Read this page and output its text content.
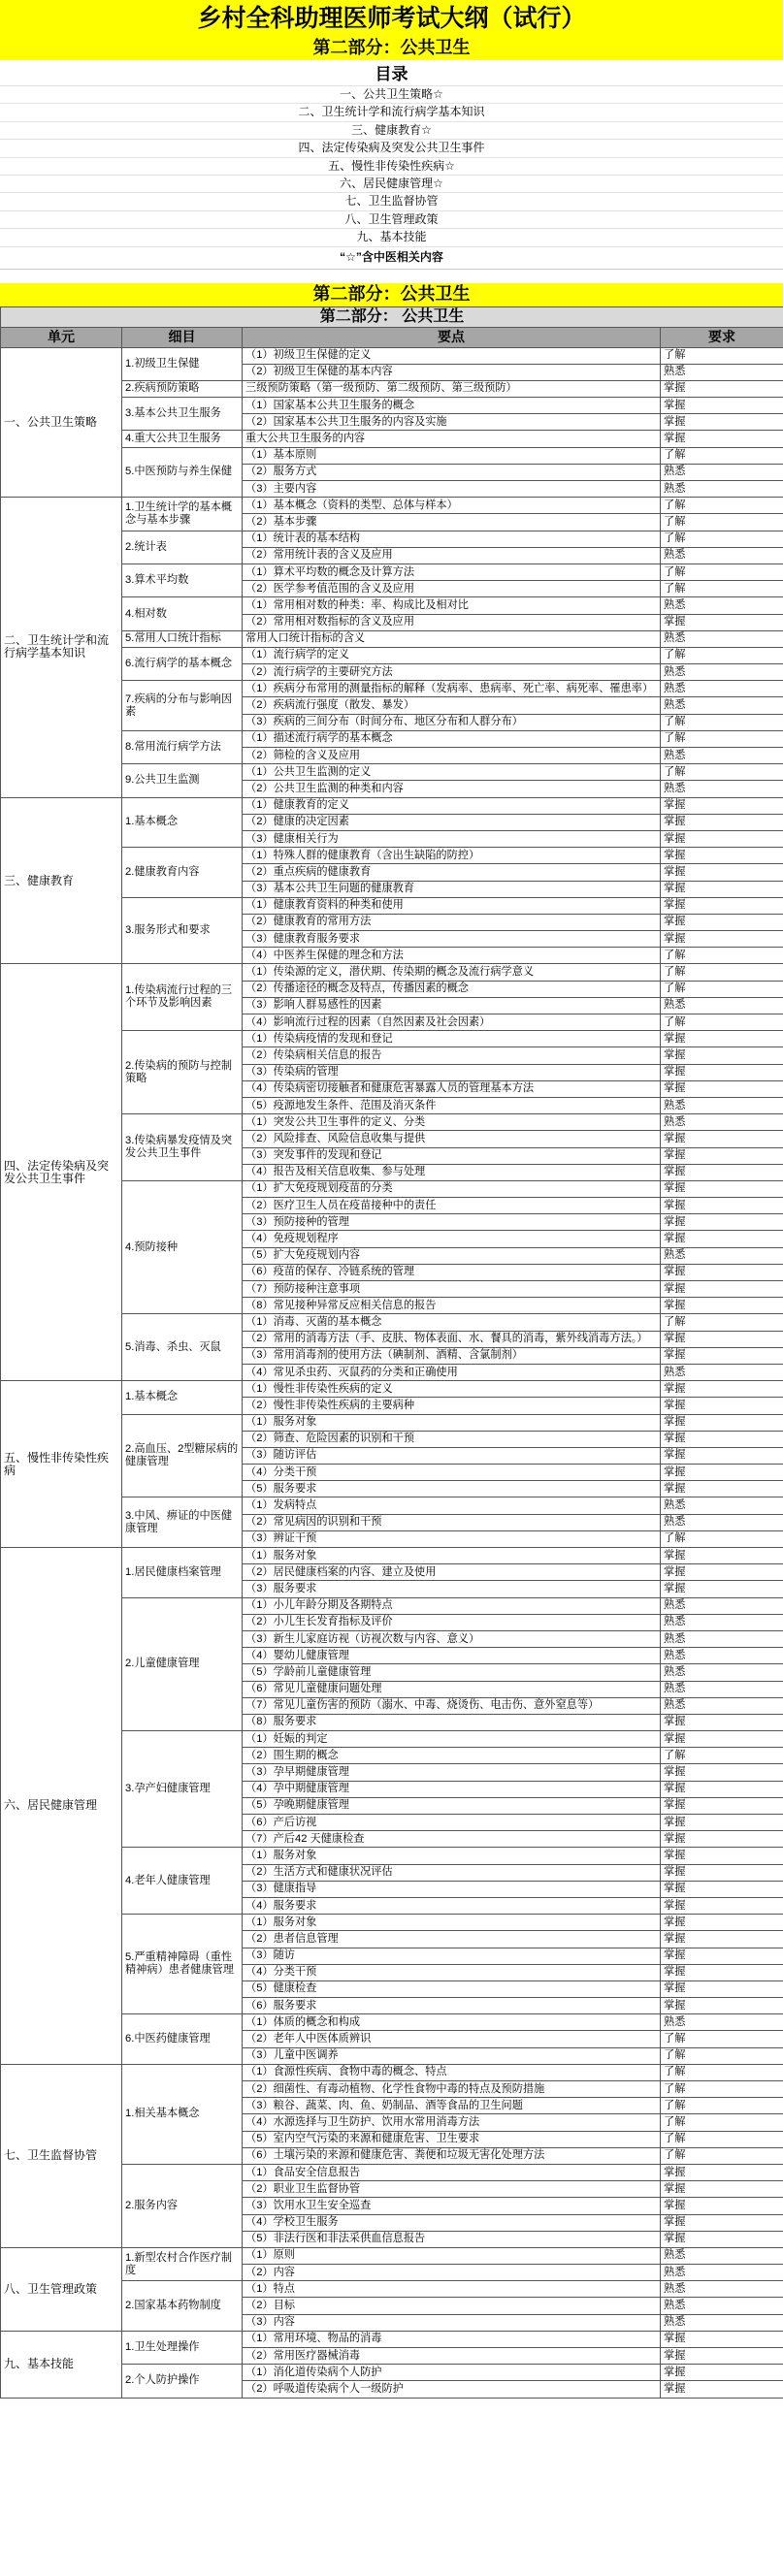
乡村全科助理医师考试大纲（试行）
第二部分：公共卫生
目录
一、公共卫生策略☆
二、卫生统计学和流行病学基本知识
三、健康教育☆
四、法定传染病及突发公共卫生事件
五、慢性非传染性疾病☆
六、居民健康管理☆
七、卫生监督协管
八、卫生管理政策
九、基本技能
“☆”含中医相关内容
第二部分：公共卫生
第二部分： 公共卫生			
单元	细目	要点	要求
一、公共卫生策略	1.初级卫生保健	（1）初级卫生保健的定义	了解
		（2）初级卫生保健的基本内容	熟悉
	2.疾病预防策略	三级预防策略（第一级预防、第二级预防、第三级预防）	掌握
	3.基本公共卫生服务	（1）国家基本公共卫生服务的概念	掌握
		（2）国家基本公共卫生服务的内容及实施	掌握
	4.重大公共卫生服务	重大公共卫生服务的内容	掌握
	5.中医预防与养生保健	（1）基本原则	了解
		（2）服务方式	熟悉
		（3）主要内容	熟悉
二、卫生统计学和流行病学基本知识	1.卫生统计学的基本概念与基本步骤	（1）基本概念（资料的类型、总体与样本）	了解
		（2）基本步骤	了解
	2.统计表	（1）统计表的基本结构	了解
		（2）常用统计表的含义及应用	熟悉
	3.算术平均数	（1）算术平均数的概念及计算方法	了解
		（2）医学参考值范围的含义及应用	了解
	4.相对数	（1）常用相对数的种类：率、构成比及相对比	熟悉
		（2）常用相对数指标的含义及应用	掌握
	5.常用人口统计指标	常用人口统计指标的含义	熟悉
	6.流行病学的基本概念	（1）流行病学的定义	了解
		（2）流行病学的主要研究方法	熟悉
	7.疾病的分布与影响因素	（1）疾病分布常用的测量指标的解释（发病率、患病率、死亡率、病死率、罹患率）	熟悉
		（2）疾病流行强度（散发、暴发）	熟悉
		（3）疾病的三间分布（时间分布、地区分布和人群分布）	了解
	8.常用流行病学方法	（1）描述流行病学的基本概念	了解
		（2）筛检的含义及应用	熟悉
	9.公共卫生监测	（1）公共卫生监测的定义	了解
		（2）公共卫生监测的种类和内容	熟悉
三、健康教育	1.基本概念	（1）健康教育的定义	掌握
		（2）健康的决定因素	掌握
		（3）健康相关行为	掌握
	2.健康教育内容	（1）特殊人群的健康教育（含出生缺陷的防控）	掌握
		（2）重点疾病的健康教育	掌握
		（3）基本公共卫生问题的健康教育	掌握
	3.服务形式和要求	（1）健康教育资料的种类和使用	掌握
		（2）健康教育的常用方法	掌握
		（3）健康教育服务要求	掌握
		（4）中医养生保健的理念和方法	了解
四、法定传染病及突发公共卫生事件	1.传染病流行过程的三个环节及影响因素	（1）传染源的定义，潜伏期、传染期的概念及流行病学意义	了解
		（2）传播途径的概念及特点，传播因素的概念	了解
		（3）影响人群易感性的因素	熟悉
		（4）影响流行过程的因素（自然因素及社会因素）	了解
	2.传染病的预防与控制策略	（1）传染病疫情的发现和登记	掌握
		（2）传染病相关信息的报告	掌握
		（3）传染病的管理	掌握
		（4）传染病密切接触者和健康危害暴露人员的管理基本方法	掌握
		（5）疫源地发生条件、范围及消灭条件	熟悉
	3.传染病暴发疫情及突发公共卫生事件	（1）突发公共卫生事件的定义、分类	熟悉
		（2）风险排查、风险信息收集与提供	掌握
		（3）突发事件的发现和登记	掌握
		（4）报告及相关信息收集、参与处理	掌握
	4.预防接种	（1）扩大免疫规划疫苗的分类	掌握
		（2）医疗卫生人员在疫苗接种中的责任	掌握
		（3）预防接种的管理	掌握
		（4）免疫规划程序	掌握
		（5）扩大免疫规划内容	熟悉
		（6）疫苗的保存、冷链系统的管理	掌握
		（7）预防接种注意事项	掌握
		（8）常见接种异常反应相关信息的报告	掌握
	5.消毒、杀虫、灭鼠	（1）消毒、灭菌的基本概念	了解
		（2）常用的消毒方法（手、皮肤、物体表面、水、餐具的消毒，紫外线消毒方法。）	掌握
		（3）常用消毒剂的使用方法（碘制剂、酒精、含氯制剂）	掌握
		（4）常见杀虫药、灭鼠药的分类和正确使用	熟悉
五、慢性非传染性疾病	1.基本概念	（1）慢性非传染性疾病的定义	掌握
		（2）慢性非传染性疾病的主要病种	掌握
	2.高血压、2型糖尿病的健康管理	（1）服务对象	掌握
		（2）筛查、危险因素的识别和干预	掌握
		（3）随访评估	掌握
		（4）分类干预	掌握
		（5）服务要求	掌握
	3.中风、痹证的中医健康管理	（1）发病特点	熟悉
		（2）常见病因的识别和干预	熟悉
		（3）辨证干预	了解
六、居民健康管理	1.居民健康档案管理	（1）服务对象	掌握
		（2）居民健康档案的内容、建立及使用	掌握
		（3）服务要求	掌握
	2.儿童健康管理	（1）小儿年龄分期及各期特点	熟悉
		（2）小儿生长发育指标及评价	熟悉
		（3）新生儿家庭访视（访视次数与内容、意义）	熟悉
		（4）婴幼儿健康管理	熟悉
		（5）学龄前儿童健康管理	熟悉
		（6）常见儿童健康问题处理	熟悉
		（7）常见儿童伤害的预防（溺水、中毒、烧烫伤、电击伤、意外窒息等）	熟悉
		（8）服务要求	掌握
	3.孕产妇健康管理	（1）妊娠的判定	掌握
		（2）围生期的概念	了解
		（3）孕早期健康管理	掌握
		（4）孕中期健康管理	掌握
		（5）孕晚期健康管理	掌握
		（6）产后访视	掌握
		（7）产后42 天健康检查	掌握
	4.老年人健康管理	（1）服务对象	掌握
		（2）生活方式和健康状况评估	掌握
		（3）健康指导	掌握
		（4）服务要求	掌握
	5.严重精神障碍（重性精神病）患者健康管理	（1）服务对象	掌握
		（2）患者信息管理	掌握
		（3）随访	掌握
		（4）分类干预	掌握
		（5）健康检查	掌握
		（6）服务要求	掌握
	6.中医药健康管理	（1）体质的概念和构成	熟悉
		（2）老年人中医体质辨识	了解
		（3）儿童中医调养	了解
七、卫生监督协管	1.相关基本概念	（1）食源性疾病、食物中毒的概念、特点	了解
		（2）细菌性、有毒动植物、化学性食物中毒的特点及预防措施	了解
		（3）粮谷、蔬菜、肉、鱼、奶制品、酒等食品的卫生问题	了解
		（4）水源选择与卫生防护、饮用水常用消毒方法	了解
		（5）室内空气污染的来源和健康危害、卫生要求	了解
		（6）土壤污染的来源和健康危害、粪便和垃圾无害化处理方法	了解
	2.服务内容	（1）食品安全信息报告	掌握
		（2）职业卫生监督协管	掌握
		（3）饮用水卫生安全巡查	掌握
		（4）学校卫生服务	掌握
		（5）非法行医和非法采供血信息报告	掌握
八、卫生管理政策	1.新型农村合作医疗制度	（1）原则	熟悉
		（2）内容	熟悉
	2.国家基本药物制度	（1）特点	熟悉
		（2）目标	熟悉
		（3）内容	熟悉
九、基本技能	1.卫生处理操作	（1）常用环境、物品的消毒	掌握
		（2）常用医疗器械消毒	掌握
	2.个人防护操作	（1）消化道传染病个人防护	掌握
		（2）呼吸道传染病个人一级防护	掌握
